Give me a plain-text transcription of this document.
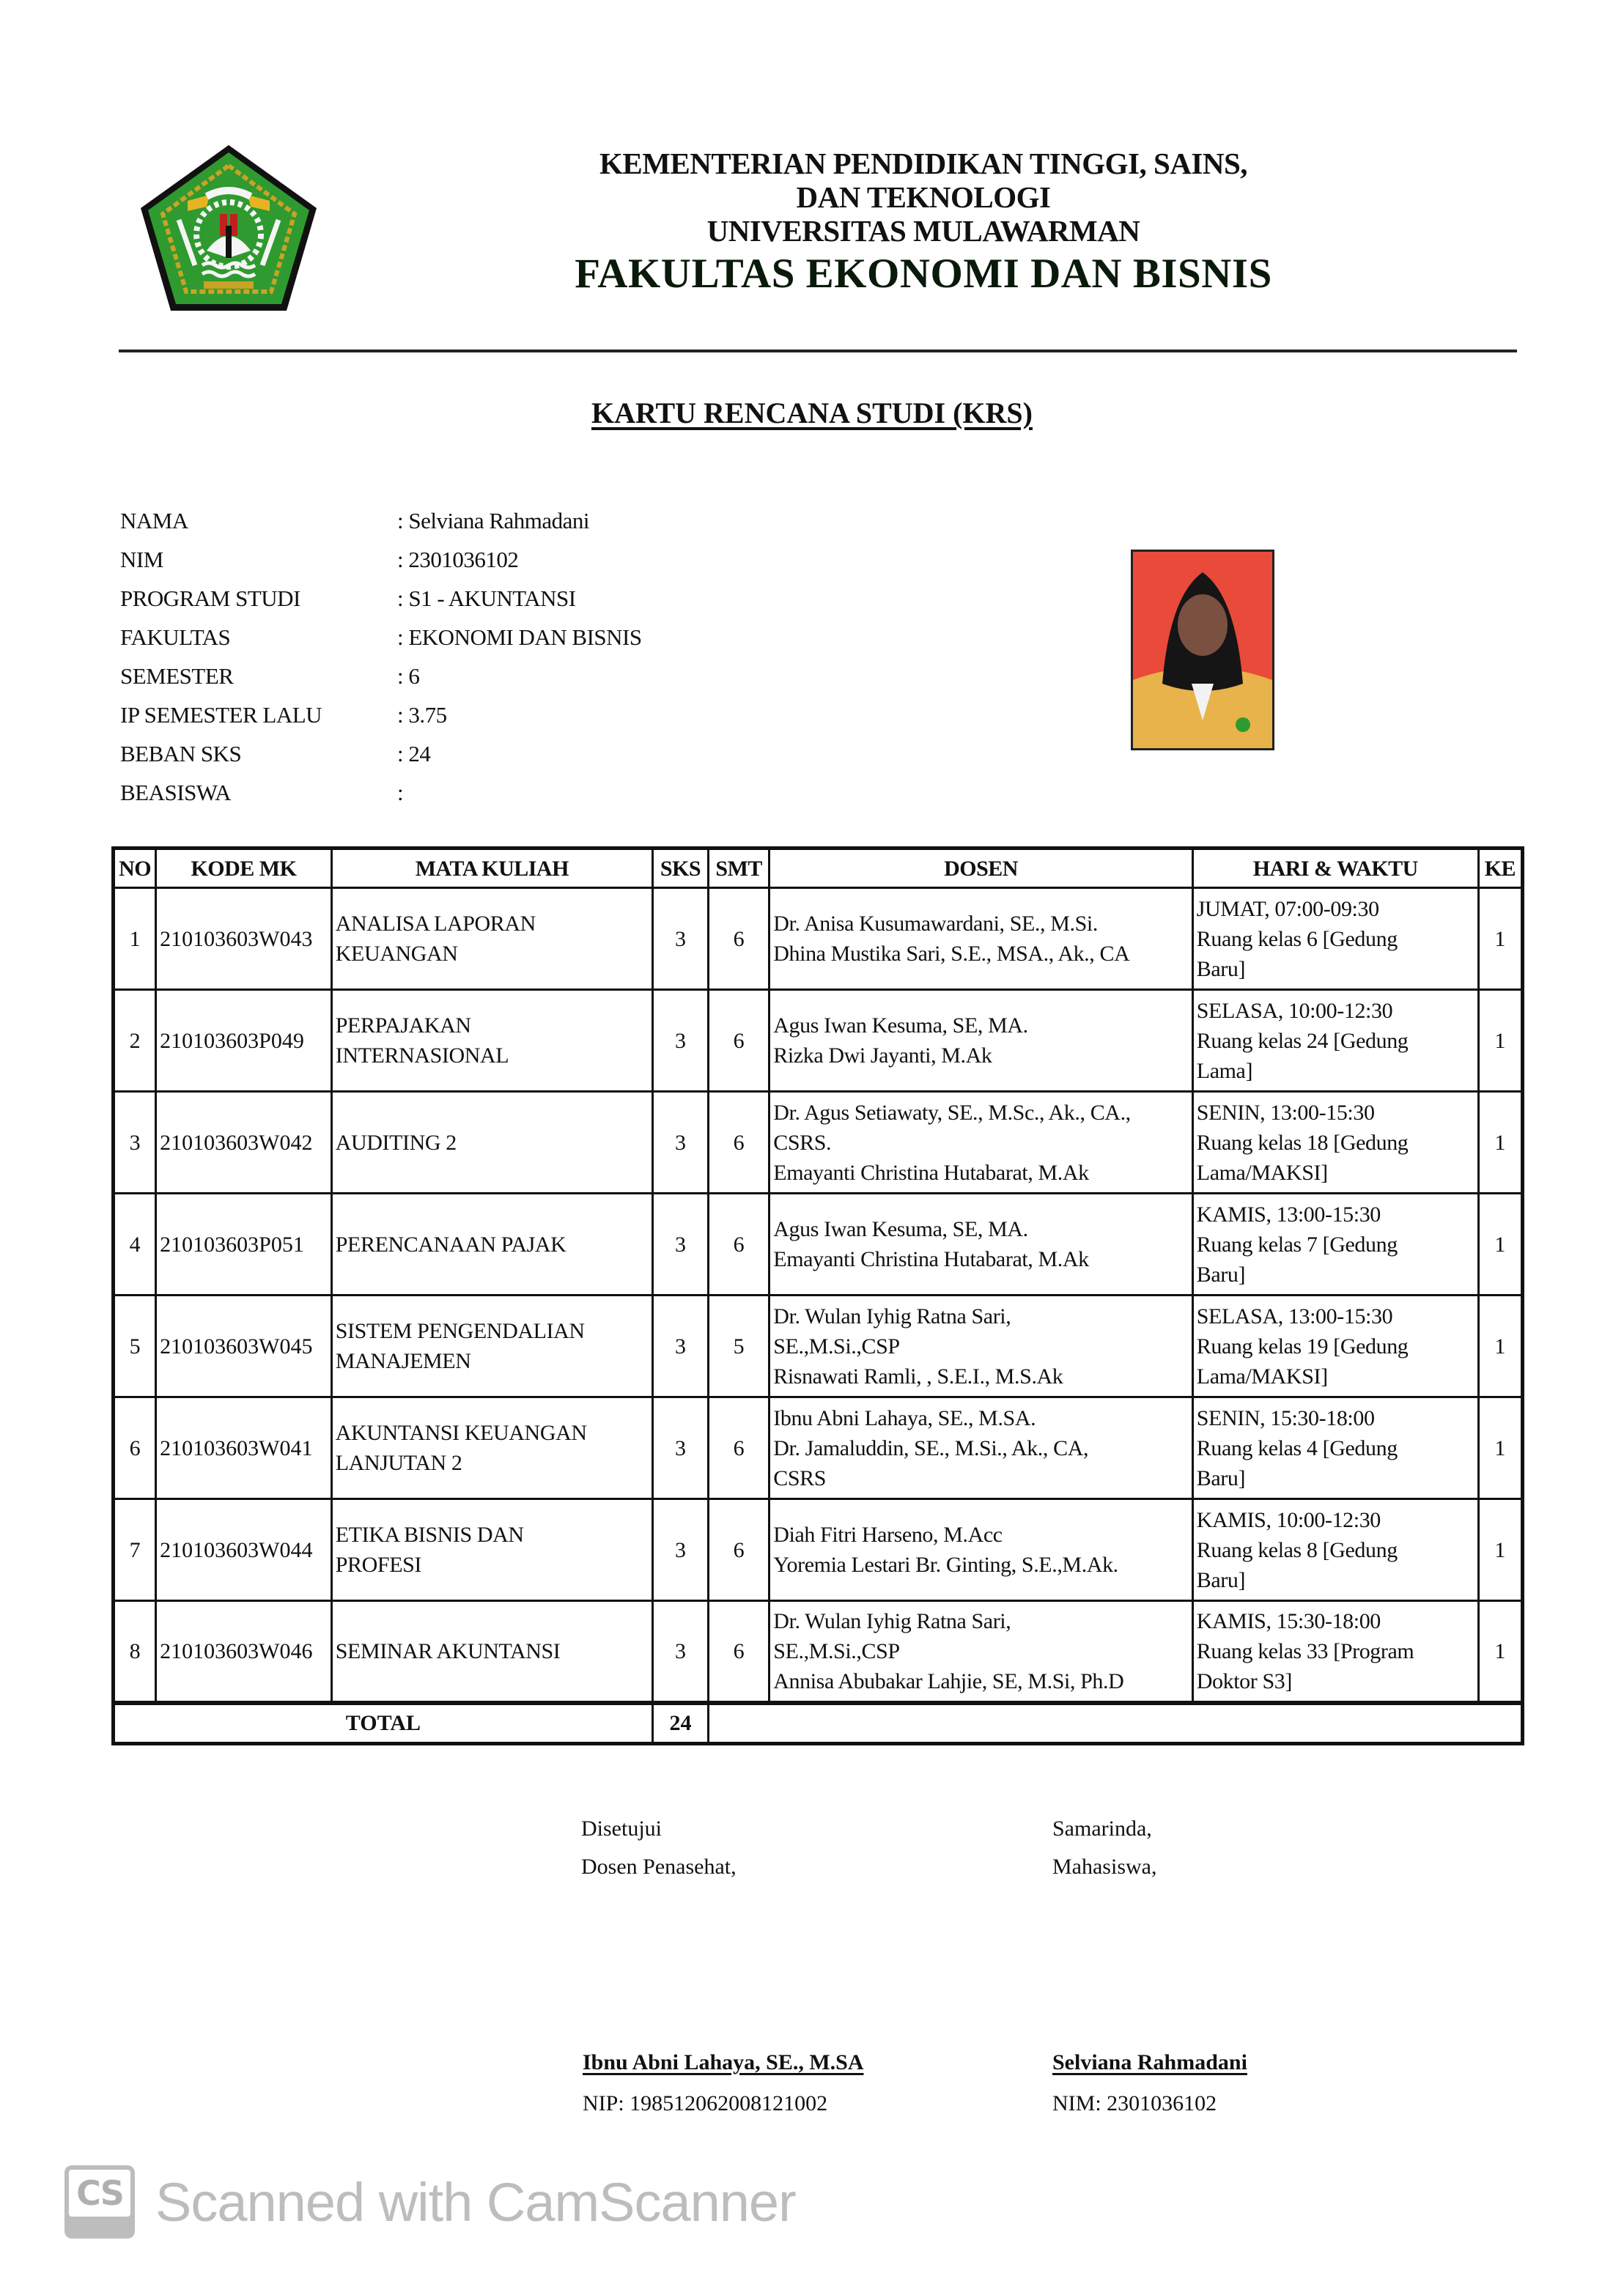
KEMENTERIAN PENDIDIKAN TINGGI, SAINS,
DAN TEKNOLOGI
UNIVERSITAS MULAWARMAN
FAKULTAS EKONOMI DAN BISNIS
KARTU RENCANA STUDI (KRS)
NAMA	: Selviana Rahmadani
NIM	: 2301036102
PROGRAM STUDI	: S1 - AKUNTANSI
FAKULTAS	: EKONOMI DAN BISNIS
SEMESTER	: 6
IP SEMESTER LALU	: 3.75
BEBAN SKS	: 24
BEASISWA	:
NO	KODE MK	MATA KULIAH	SKS	SMT	DOSEN	HARI & WAKTU	KE
1	210103603W043	ANALISA LAPORAN
KEUANGAN	3	6	Dr. Anisa Kusumawardani, SE., M.Si.
Dhina Mustika Sari, S.E., MSA., Ak., CA	JUMAT, 07:00-09:30
Ruang kelas 6 [Gedung
Baru]	1
2	210103603P049	PERPAJAKAN
INTERNASIONAL	3	6	Agus Iwan Kesuma, SE, MA.
Rizka Dwi Jayanti, M.Ak	SELASA, 10:00-12:30
Ruang kelas 24 [Gedung
Lama]	1
3	210103603W042	AUDITING 2	3	6	Dr. Agus Setiawaty, SE., M.Sc., Ak., CA.,
CSRS.
Emayanti Christina Hutabarat, M.Ak	SENIN, 13:00-15:30
Ruang kelas 18 [Gedung
Lama/MAKSI]	1
4	210103603P051	PERENCANAAN PAJAK	3	6	Agus Iwan Kesuma, SE, MA.
Emayanti Christina Hutabarat, M.Ak	KAMIS, 13:00-15:30
Ruang kelas 7 [Gedung
Baru]	1
5	210103603W045	SISTEM PENGENDALIAN
MANAJEMEN	3	5	Dr. Wulan Iyhig Ratna Sari,
SE.,M.Si.,CSP
Risnawati Ramli, , S.E.I., M.S.Ak	SELASA, 13:00-15:30
Ruang kelas 19 [Gedung
Lama/MAKSI]	1
6	210103603W041	AKUNTANSI KEUANGAN
LANJUTAN 2	3	6	Ibnu Abni Lahaya, SE., M.SA.
Dr. Jamaluddin, SE., M.Si., Ak., CA,
CSRS	SENIN, 15:30-18:00
Ruang kelas 4 [Gedung
Baru]	1
7	210103603W044	ETIKA BISNIS DAN
PROFESI	3	6	Diah Fitri Harseno, M.Acc
Yoremia Lestari Br. Ginting, S.E.,M.Ak.	KAMIS, 10:00-12:30
Ruang kelas 8 [Gedung
Baru]	1
8	210103603W046	SEMINAR AKUNTANSI	3	6	Dr. Wulan Iyhig Ratna Sari,
SE.,M.Si.,CSP
Annisa Abubakar Lahjie, SE, M.Si, Ph.D	KAMIS, 15:30-18:00
Ruang kelas 33 [Program
Doktor S3]	1
TOTAL			24				
Disetujui
Dosen Penasehat,
Samarinda,
Mahasiswa,
Ibnu Abni Lahaya, SE., M.SA
NIP: 198512062008121002
Selviana Rahmadani
NIM: 2301036102
CS Scanned with CamScanner
